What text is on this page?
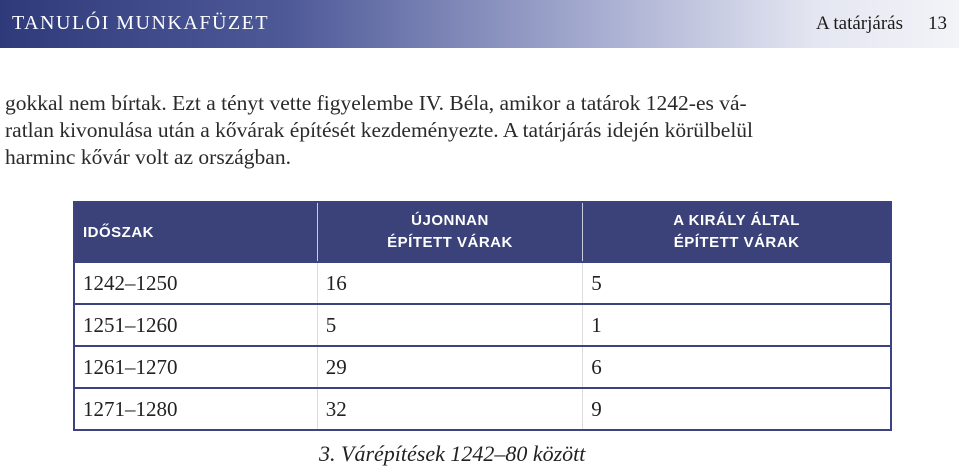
TANULÓI MUNKAFÜZET	A tatárjárás 13
gokkal nem bírtak. Ezt a tényt vette figyelembe IV. Béla, amikor a tatárok 1242-es vá-
ratlan kivonulása után a kővárak építését kezdeményezte. A tatárjárás idején körülbelül
harminc kővár volt az országban.
IDŐSZAK	ÚJONNAN ÉPÍTETT VÁRAK	A KIRÁLY ÁLTAL ÉPÍTETT VÁRAK
1242–1250	16	5
1251–1260	5	1
1261–1270	29	6
1271–1280	32	9
3. Várépítések 1242–80 között
